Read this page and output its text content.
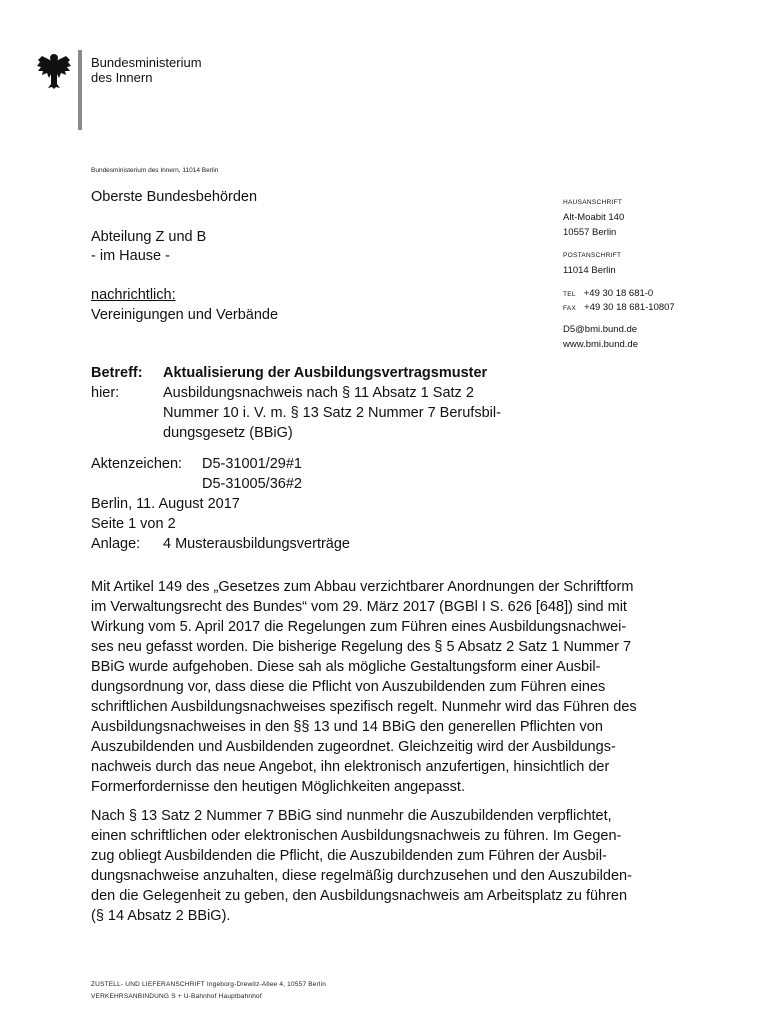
Bundesministerium
des Innern
Bundesministerium des Innern, 11014 Berlin
Oberste Bundesbehörden
Abteilung Z und B
- im Hause -
nachrichtlich:
Vereinigungen und Verbände
HAUSANSCHRIFT
Alt-Moabit 140
10557 Berlin
POSTANSCHRIFT
11014 Berlin
TEL +49 30 18 681-0
FAX +49 30 18 681-10807
D5@bmi.bund.de
www.bmi.bund.de
Betreff:	Aktualisierung der Ausbildungsvertragsmuster
hier:	Ausbildungsnachweis nach § 11 Absatz 1 Satz 2
Nummer 10 i. V. m. § 13 Satz 2 Nummer 7 Berufsbil-
dungsgesetz (BBiG)
Aktenzeichen:	D5-31001/29#1
D5-31005/36#2
Berlin, 11. August 2017
Seite 1 von 2
Anlage:	4 Musterausbildungsverträge
Mit Artikel 149 des „Gesetzes zum Abbau verzichtbarer Anordnungen der Schriftform
im Verwaltungsrecht des Bundes“ vom 29. März 2017 (BGBl I S. 626 [648]) sind mit
Wirkung vom 5. April 2017 die Regelungen zum Führen eines Ausbildungsnachwei-
ses neu gefasst worden. Die bisherige Regelung des § 5 Absatz 2 Satz 1 Nummer 7
BBiG wurde aufgehoben. Diese sah als mögliche Gestaltungsform einer Ausbil-
dungsordnung vor, dass diese die Pflicht von Auszubildenden zum Führen eines
schriftlichen Ausbildungsnachweises spezifisch regelt. Nunmehr wird das Führen des
Ausbildungsnachweises in den §§ 13 und 14 BBiG den generellen Pflichten von
Auszubildenden und Ausbildenden zugeordnet. Gleichzeitig wird der Ausbildungs-
nachweis durch das neue Angebot, ihn elektronisch anzufertigen, hinsichtlich der
Formerfordernisse den heutigen Möglichkeiten angepasst.
Nach § 13 Satz 2 Nummer 7 BBiG sind nunmehr die Auszubildenden verpflichtet,
einen schriftlichen oder elektronischen Ausbildungsnachweis zu führen. Im Gegen-
zug obliegt Ausbildenden die Pflicht, die Auszubildenden zum Führen der Ausbil-
dungsnachweise anzuhalten, diese regelmäßig durchzusehen und den Auszubilden-
den die Gelegenheit zu geben, den Ausbildungsnachweis am Arbeitsplatz zu führen
(§ 14 Absatz 2 BBiG).
ZUSTELL- UND LIEFERANSCHRIFT Ingeborg-Drewitz-Allee 4, 10557 Berlin
VERKEHRSANBINDUNG S + U-Bahnhof Hauptbahnhof
